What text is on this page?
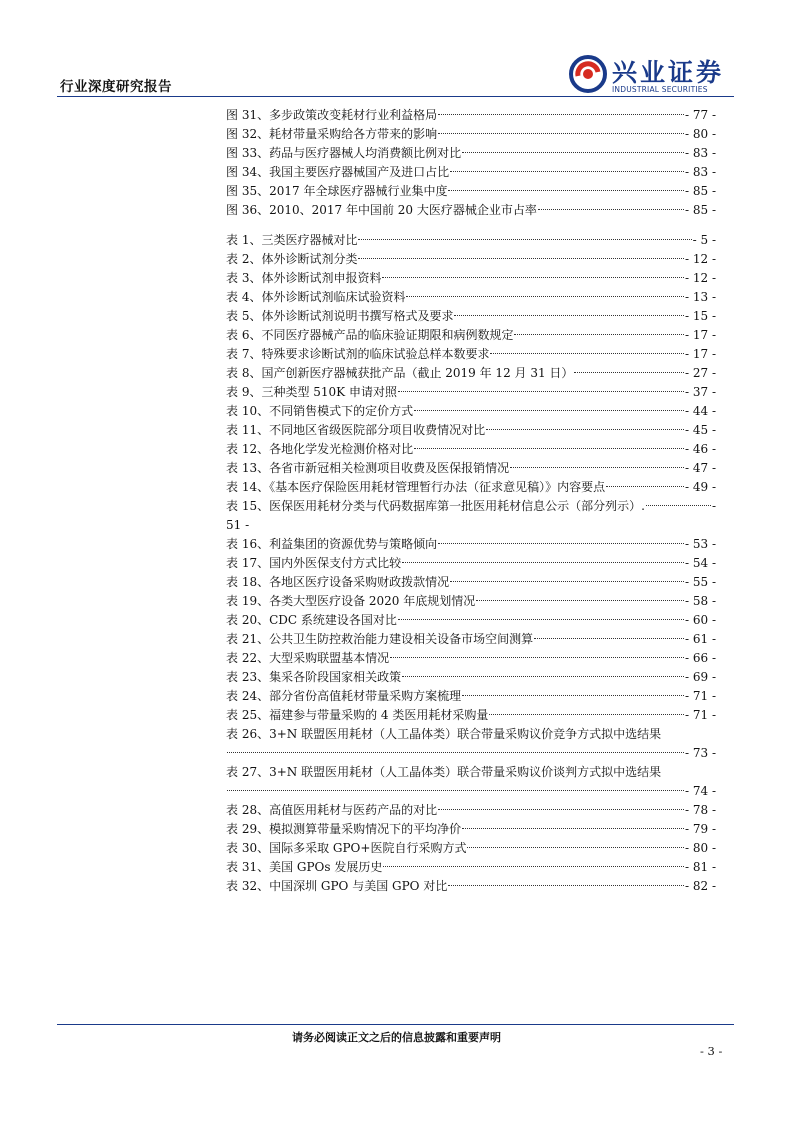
行业深度研究报告	兴业证券
INDUSTRIAL SECURITIES
图 31、多步政策改变耗材行业利益格局	- 77 -
图 32、耗材带量采购给各方带来的影响	- 80 -
图 33、药品与医疗器械人均消费额比例对比	- 83 -
图 34、我国主要医疗器械国产及进口占比	- 83 -
图 35、2017 年全球医疗器械行业集中度	- 85 -
图 36、2010、2017 年中国前 20 大医疗器械企业市占率	- 85 -
表 1、三类医疗器械对比	- 5 -
表 2、体外诊断试剂分类	- 12 -
表 3、体外诊断试剂申报资料	- 12 -
表 4、体外诊断试剂临床试验资料	- 13 -
表 5、体外诊断试剂说明书撰写格式及要求	- 15 -
表 6、不同医疗器械产品的临床验证期限和病例数规定	- 17 -
表 7、特殊要求诊断试剂的临床试验总样本数要求	- 17 -
表 8、国产创新医疗器械获批产品（截止 2019 年 12 月 31 日）	- 27 -
表 9、三种类型 510K 申请对照	- 37 -
表 10、不同销售模式下的定价方式	- 44 -
表 11、不同地区省级医院部分项目收费情况对比	- 45 -
表 12、各地化学发光检测价格对比	- 46 -
表 13、各省市新冠相关检测项目收费及医保报销情况	- 47 -
表 14、《基本医疗保险医用耗材管理暂行办法（征求意见稿）》内容要点	- 49 -
表 15、医保医用耗材分类与代码数据库第一批医用耗材信息公示（部分列示）.	-
51 -
表 16、利益集团的资源优势与策略倾向	- 53 -
表 17、国内外医保支付方式比较	- 54 -
表 18、各地区医疗设备采购财政拨款情况	- 55 -
表 19、各类大型医疗设备 2020 年底规划情况	- 58 -
表 20、CDC 系统建设各国对比	- 60 -
表 21、公共卫生防控救治能力建设相关设备市场空间测算	- 61 -
表 22、大型采购联盟基本情况	- 66 -
表 23、集采各阶段国家相关政策	- 69 -
表 24、部分省份高值耗材带量采购方案梳理	- 71 -
表 25、福建参与带量采购的 4 类医用耗材采购量	- 71 -
表 26、3+N 联盟医用耗材（人工晶体类）联合带量采购议价竞争方式拟中选结果
- 73 -
表 27、3+N 联盟医用耗材（人工晶体类）联合带量采购议价谈判方式拟中选结果
- 74 -
表 28、高值医用耗材与医药产品的对比	- 78 -
表 29、模拟测算带量采购情况下的平均净价	- 79 -
表 30、国际多采取 GPO+医院自行采购方式	- 80 -
表 31、美国 GPOs 发展历史	- 81 -
表 32、中国深圳 GPO 与美国 GPO 对比	- 82 -
请务必阅读正文之后的信息披露和重要声明
- 3 -
